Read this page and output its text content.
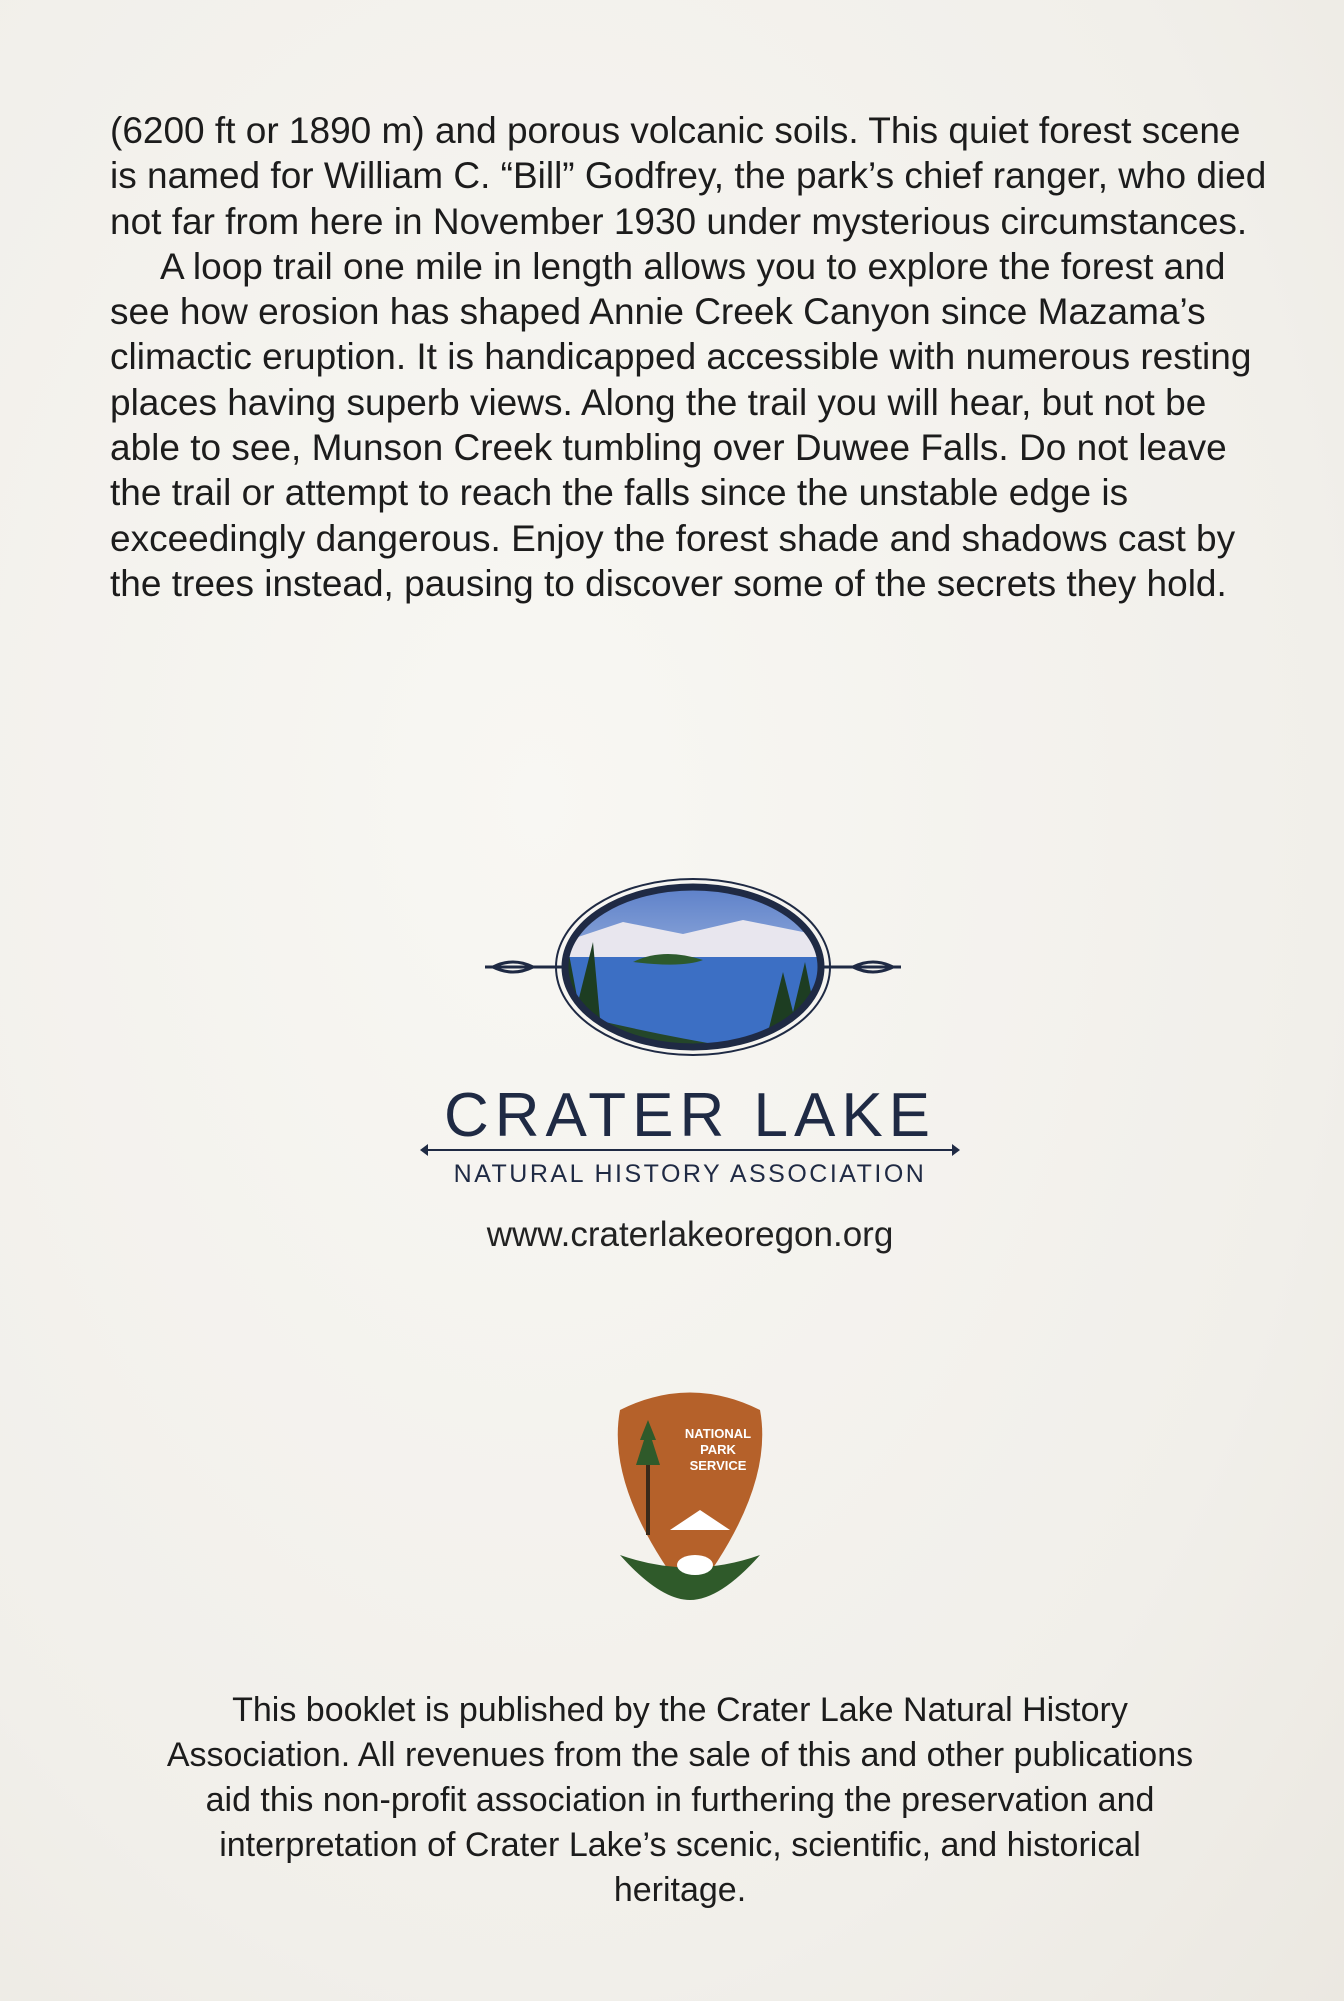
(6200 ft or 1890 m) and porous volcanic soils. This quiet forest scene is named for William C. “Bill” Godfrey, the park’s chief ranger, who died not far from here in November 1930 under mysterious circumstances.

A loop trail one mile in length allows you to explore the forest and see how erosion has shaped Annie Creek Canyon since Mazama’s climactic eruption. It is handicapped accessible with numerous resting places having superb views. Along the trail you will hear, but not be able to see, Munson Creek tumbling over Duwee Falls. Do not leave the trail or attempt to reach the falls since the unstable edge is exceedingly dangerous. Enjoy the forest shade and shadows cast by the trees instead, pausing to discover some of the secrets they hold.

CRATER LAKE
NATURAL HISTORY ASSOCIATION
www.craterlakeoregon.org
NATIONAL
PARK
SERVICE
This booklet is published by the Crater Lake Natural History Association. All revenues from the sale of this and other publications aid this non-profit association in furthering the preservation and interpretation of Crater Lake’s scenic, scientific, and historical heritage.
